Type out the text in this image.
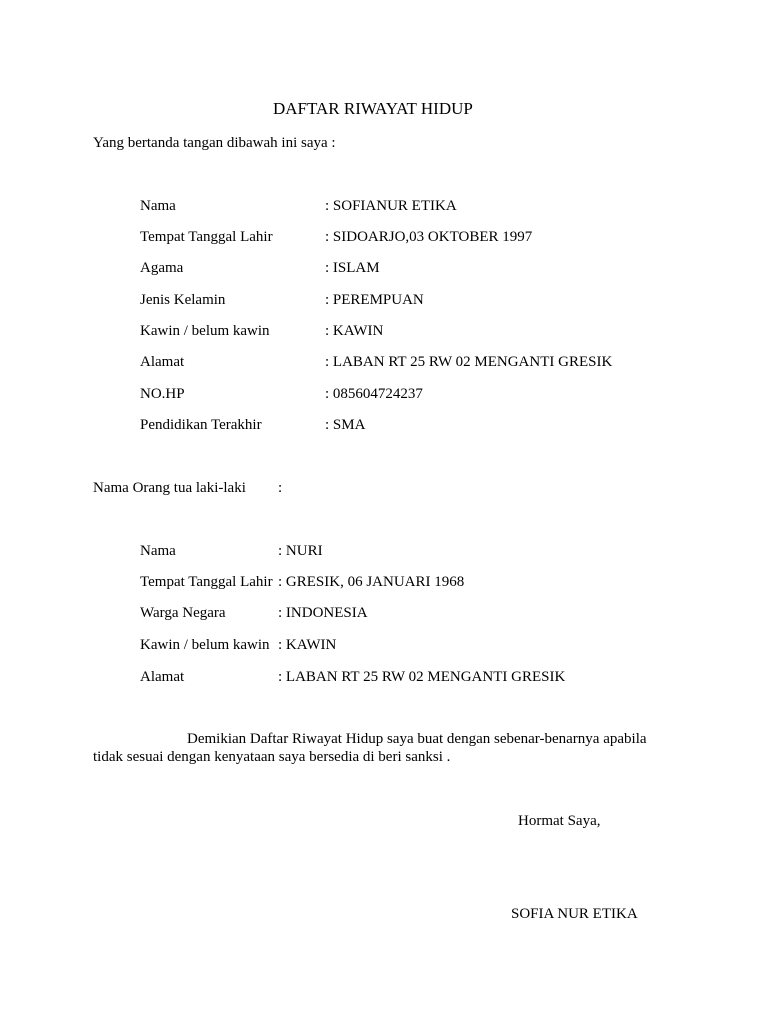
DAFTAR RIWAYAT HIDUP
Yang bertanda tangan dibawah ini saya :
Nama	: SOFIANUR ETIKA
Tempat Tanggal Lahir	: SIDOARJO,03 OKTOBER 1997
Agama	: ISLAM
Jenis Kelamin	: PEREMPUAN
Kawin / belum kawin	: KAWIN
Alamat	: LABAN RT 25 RW 02 MENGANTI GRESIK
NO.HP	: 085604724237
Pendidikan Terakhir	: SMA
Nama Orang tua laki-laki :
Nama	: NURI
Tempat Tanggal Lahir : GRESIK, 06 JANUARI 1968
Warga Negara	: INDONESIA
Kawin / belum kawin : KAWIN
Alamat	: LABAN RT 25 RW 02 MENGANTI GRESIK
Demikian Daftar Riwayat Hidup saya buat dengan sebenar-benarnya apabila
tidak sesuai dengan kenyataan saya bersedia di beri sanksi .
Hormat Saya,
SOFIA NUR ETIKA
